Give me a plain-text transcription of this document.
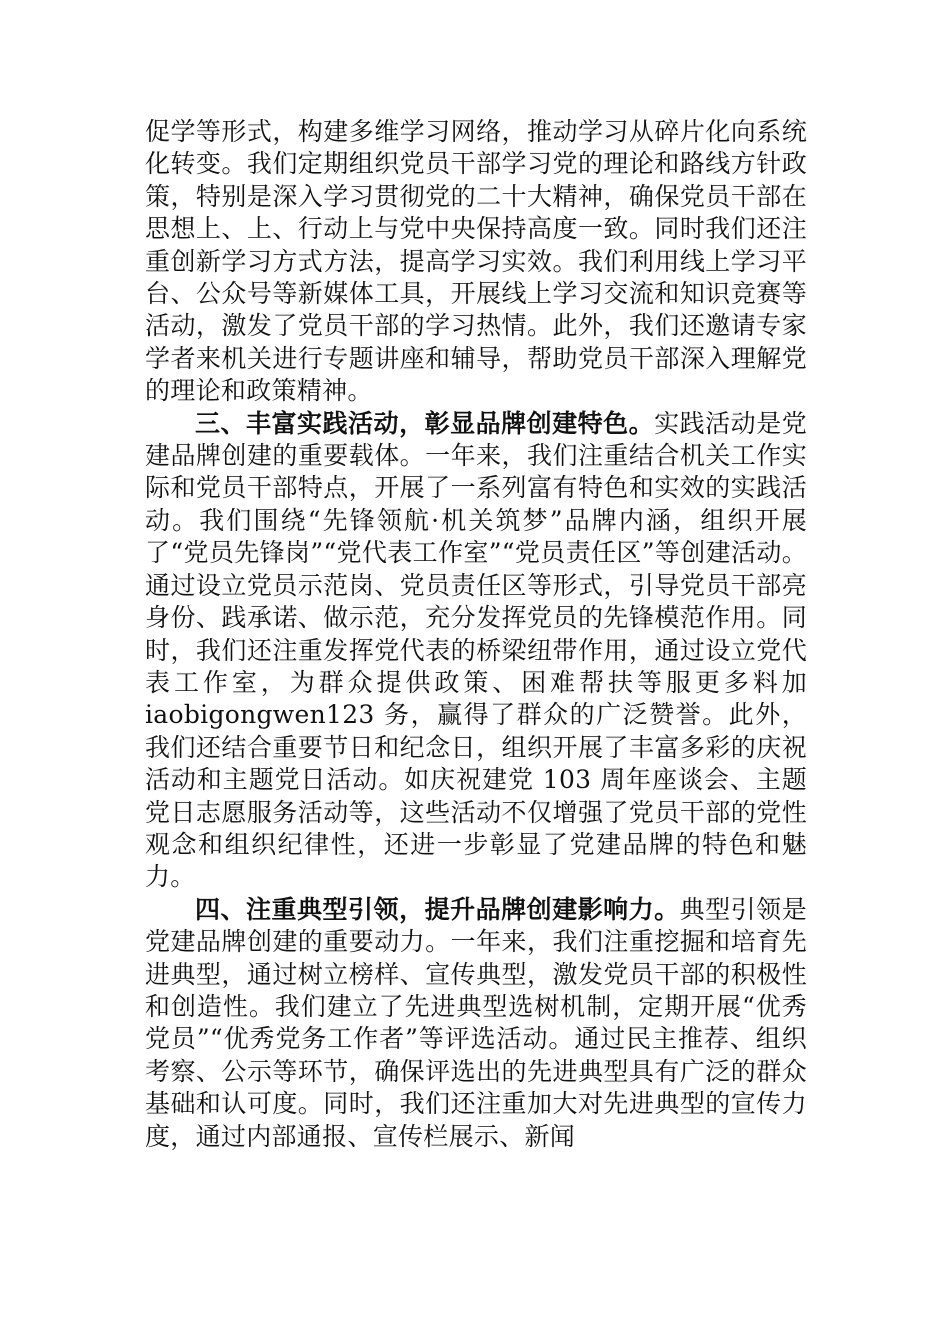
促学等形式，构建多维学习网络，推动学习从碎片化向系统化转变。我们定期组织党员干部学习党的理论和路线方针政策，特别是深入学习贯彻党的二十大精神，确保党员干部在思想上、上、行动上与党中央保持高度一致。同时我们还注重创新学习方式方法，提高学习实效。我们利用线上学习平台、公众号等新媒体工具，开展线上学习交流和知识竞赛等活动，激发了党员干部的学习热情。此外，我们还邀请专家学者来机关进行专题讲座和辅导，帮助党员干部深入理解党的理论和政策精神。

三、丰富实践活动，彰显品牌创建特色。实践活动是党建品牌创建的重要载体。一年来，我们注重结合机关工作实际和党员干部特点，开展了一系列富有特色和实效的实践活动。我们围绕“先锋领航·机关筑梦”品牌内涵，组织开展了“党员先锋岗”“党代表工作室”“党员责任区”等创建活动。通过设立党员示范岗、党员责任区等形式，引导党员干部亮身份、践承诺、做示范，充分发挥党员的先锋模范作用。同时，我们还注重发挥党代表的桥梁纽带作用，通过设立党代表工作室，为群众提供政策、困难帮扶等服更多料加 iaobigongwen123 务，赢得了群众的广泛赞誉。此外，我们还结合重要节日和纪念日，组织开展了丰富多彩的庆祝活动和主题党日活动。如庆祝建党 103 周年座谈会、主题党日志愿服务活动等，这些活动不仅增强了党员干部的党性观念和组织纪律性，还进一步彰显了党建品牌的特色和魅力。

四、注重典型引领，提升品牌创建影响力。典型引领是党建品牌创建的重要动力。一年来，我们注重挖掘和培育先进典型，通过树立榜样、宣传典型，激发党员干部的积极性和创造性。我们建立了先进典型选树机制，定期开展“优秀党员”“优秀党务工作者”等评选活动。通过民主推荐、组织考察、公示等环节，确保评选出的先进典型具有广泛的群众基础和认可度。同时，我们还注重加大对先进典型的宣传力度，通过内部通报、宣传栏展示、新闻
